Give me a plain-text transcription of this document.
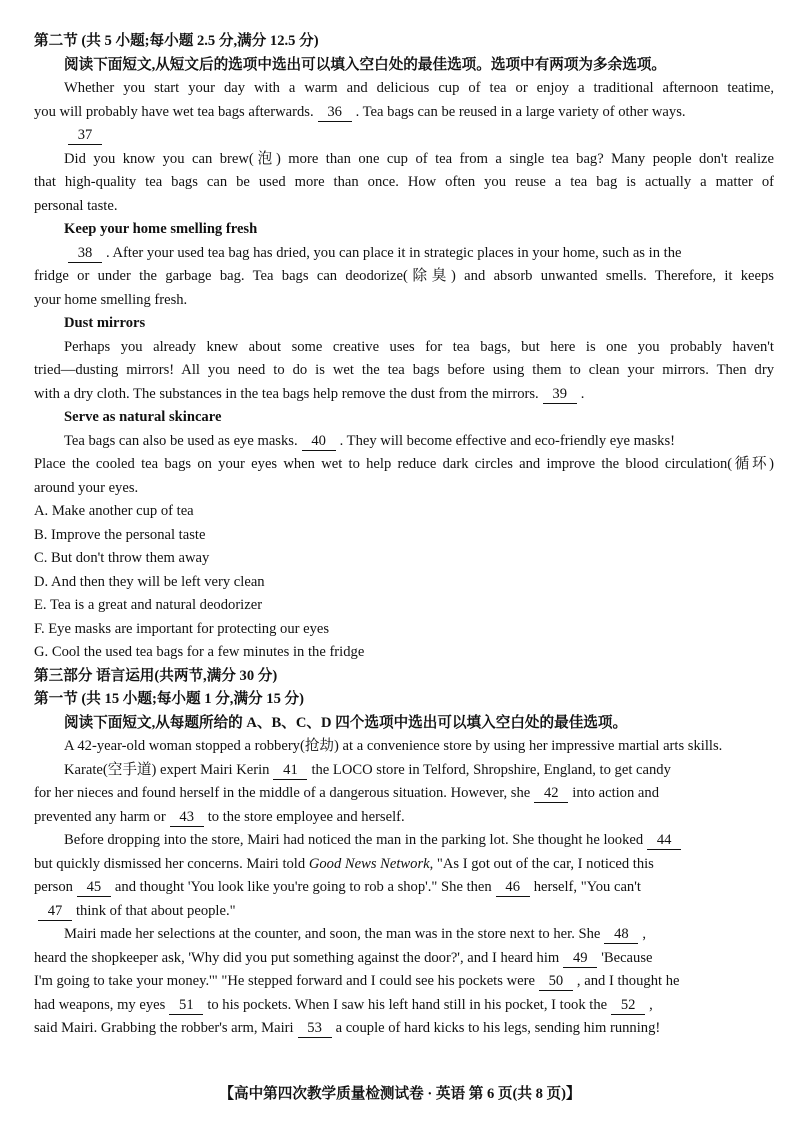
第二节 (共 5 小题;每小题 2.5 分,满分 12.5 分)
阅读下面短文,从短文后的选项中选出可以填入空白处的最佳选项。选项中有两项为多余选项。
Whether you start your day with a warm and delicious cup of tea or enjoy a traditional afternoon teatime,
you will probably have wet tea bags afterwards. 36 . Tea bags can be reused in a large variety of other ways.
37
Did you know you can brew(泡) more than one cup of tea from a single tea bag? Many people don't realize
that high-quality tea bags can be used more than once. How often you reuse a tea bag is actually a matter of
personal taste.
Keep your home smelling fresh
38 . After your used tea bag has dried, you can place it in strategic places in your home, such as in the
fridge or under the garbage bag. Tea bags can deodorize(除臭) and absorb unwanted smells. Therefore, it keeps
your home smelling fresh.
Dust mirrors
Perhaps you already knew about some creative uses for tea bags, but here is one you probably haven't
tried—dusting mirrors! All you need to do is wet the tea bags before using them to clean your mirrors. Then dry
with a dry cloth. The substances in the tea bags help remove the dust from the mirrors. 39 .
Serve as natural skincare
Tea bags can also be used as eye masks. 40 . They will become effective and eco-friendly eye masks!
Place the cooled tea bags on your eyes when wet to help reduce dark circles and improve the blood circulation(循环)
around your eyes.
A. Make another cup of tea
B. Improve the personal taste
C. But don't throw them away
D. And then they will be left very clean
E. Tea is a great and natural deodorizer
F. Eye masks are important for protecting our eyes
G. Cool the used tea bags for a few minutes in the fridge
第三部分 语言运用(共两节,满分 30 分)
第一节 (共 15 小题;每小题 1 分,满分 15 分)
阅读下面短文,从每题所给的 A、B、C、D 四个选项中选出可以填入空白处的最佳选项。
A 42-year-old woman stopped a robbery(抢劫) at a convenience store by using her impressive martial arts skills.
Karate(空手道) expert Mairi Kerin 41 the LOCO store in Telford, Shropshire, England, to get candy
for her nieces and found herself in the middle of a dangerous situation. However, she 42 into action and
prevented any harm or 43 to the store employee and herself.
Before dropping into the store, Mairi had noticed the man in the parking lot. She thought he looked 44
but quickly dismissed her concerns. Mairi told Good News Network, "As I got out of the car, I noticed this
person 45 and thought 'You look like you're going to rob a shop'." She then 46 herself, "You can't
47 think of that about people."
Mairi made her selections at the counter, and soon, the man was in the store next to her. She 48 ,
heard the shopkeeper ask, 'Why did you put something against the door?', and I heard him 49 'Because
I'm going to take your money.'" "He stepped forward and I could see his pockets were 50 , and I thought he
had weapons, my eyes 51 to his pockets. When I saw his left hand still in his pocket, I took the 52 ,
said Mairi. Grabbing the robber's arm, Mairi 53 a couple of hard kicks to his legs, sending him running!
【高中第四次教学质量检测试卷 · 英语 第 6 页(共 8 页)】
